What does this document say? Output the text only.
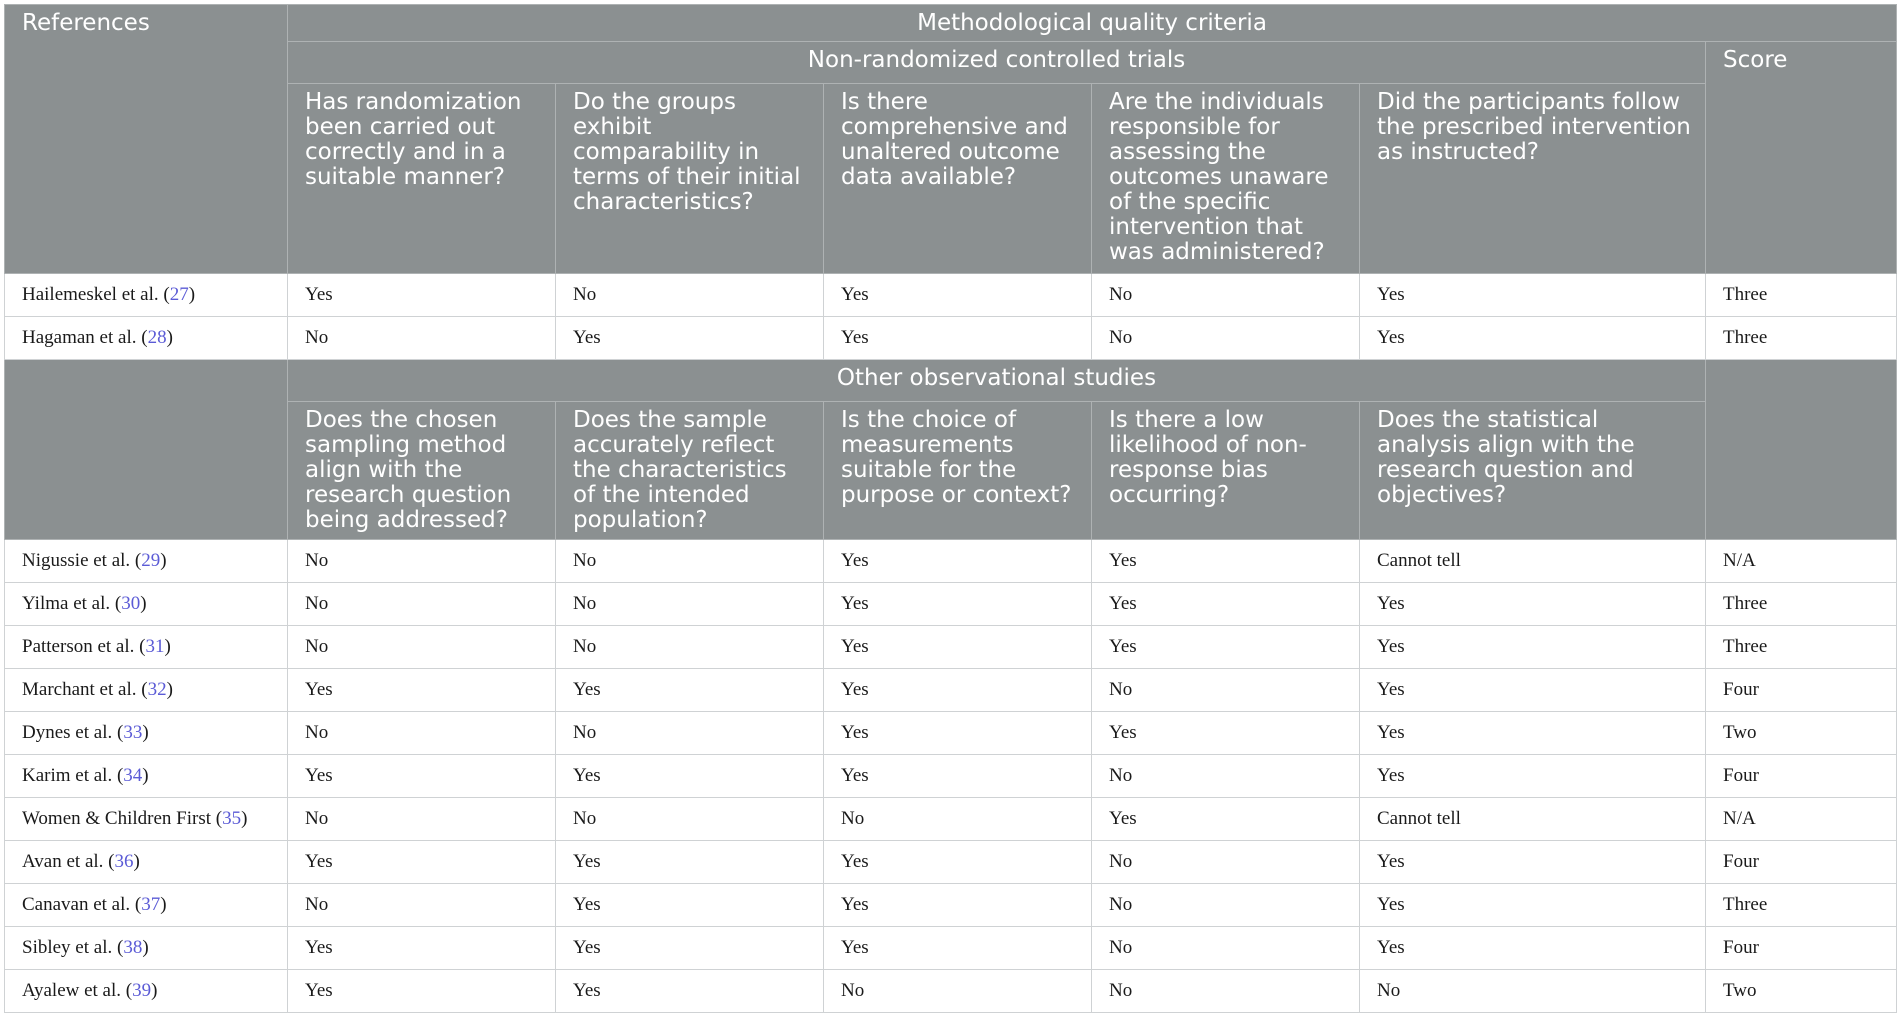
References	Methodological quality criteria					
	Non-randomized controlled trials					Score
	Has randomization been carried out correctly and in a suitable manner?	Do the groups exhibit comparability in terms of their initial characteristics?	Is there comprehensive and unaltered outcome data available?	Are the individuals responsible for assessing the outcomes unaware of the specific intervention that was administered?	Did the participants follow the prescribed intervention as instructed?	
Hailemeskel et al. (27)	Yes	No	Yes	No	Yes	Three
Hagaman et al. (28)	No	Yes	Yes	No	Yes	Three
	Other observational studies					
	Does the chosen sampling method align with the research question being addressed?	Does the sample accurately reflect the characteristics of the intended population?	Is the choice of measurements suitable for the purpose or context?	Is there a low likelihood of non-response bias occurring?	Does the statistical analysis align with the research question and objectives?	
Nigussie et al. (29)	No	No	Yes	Yes	Cannot tell	N/A
Yilma et al. (30)	No	No	Yes	Yes	Yes	Three
Patterson et al. (31)	No	No	Yes	Yes	Yes	Three
Marchant et al. (32)	Yes	Yes	Yes	No	Yes	Four
Dynes et al. (33)	No	No	Yes	Yes	Yes	Two
Karim et al. (34)	Yes	Yes	Yes	No	Yes	Four
Women & Children First (35)	No	No	No	Yes	Cannot tell	N/A
Avan et al. (36)	Yes	Yes	Yes	No	Yes	Four
Canavan et al. (37)	No	Yes	Yes	No	Yes	Three
Sibley et al. (38)	Yes	Yes	Yes	No	Yes	Four
Ayalew et al. (39)	Yes	Yes	No	No	No	Two
